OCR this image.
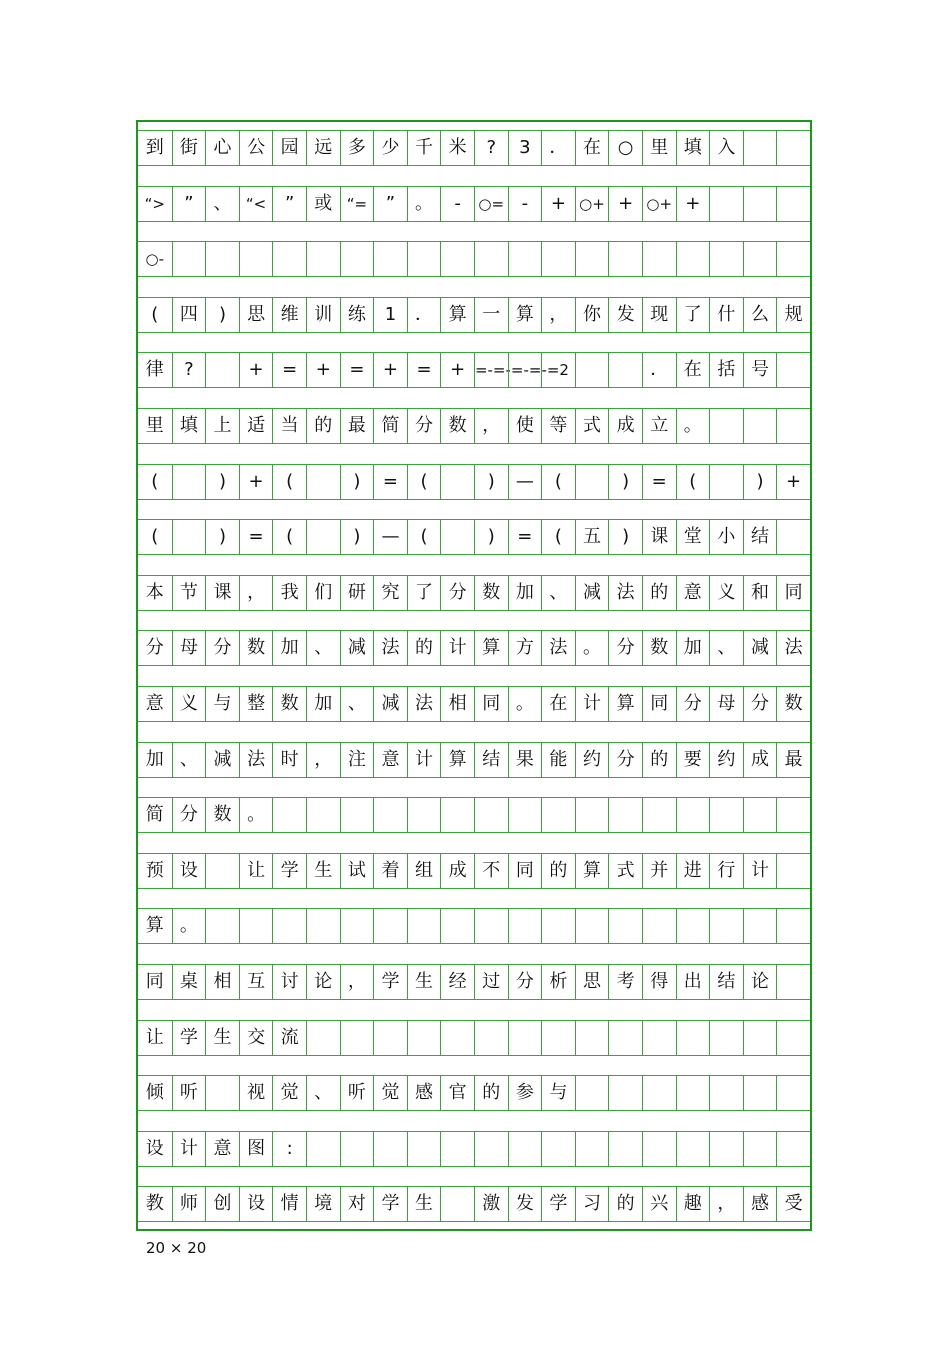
到 街 心 公 园 远 多 少 千 米	?	3	． 在 ○ 里 填 入
“>	”	、 “<	”	或 “=	”	。	-	○= -	+ ○+ + ○+ +
○-
(	四	)	思 维 训 练	1	． 算 一 算 ， 你 发 现 了 什 么 规
律	?	+	=	+	=	+	=	+ =-=-=-=-=2	． 在 括 号
里 填 上 适 当 的 最 简 分 数 ， 使 等 式 成 立 。
(	)	+	(	)	=	(	)	—	(	)	=	(	)	+
(	)	=	(	)	—	(	)	=	(	五	)	课 堂 小 结
本 节 课 ， 我 们 研 究 了 分 数 加 、 减 法 的 意 义 和 同
分 母 分 数 加 、 减 法 的 计 算 方 法 。 分 数 加 、 减 法
意 义 与 整 数 加 、 减 法 相 同 。 在 计 算 同 分 母 分 数
加 、 减 法 时 ， 注 意 计 算 结 果 能 约 分 的 要 约 成 最
简 分 数 。
预 设	让 学 生 试 着 组 成 不 同 的 算 式 并 进 行 计
算 。
同 桌 相 互 讨 论 ， 学 生 经 过 分 析 思 考 得 出 结 论
让 学 生 交 流
倾 听	视 觉 、 听 觉 感 官 的 参 与
设 计 意 图	:
教 师 创 设 情 境 对 学 生	激 发 学 习 的 兴 趣 ， 感 受
20 × 20
